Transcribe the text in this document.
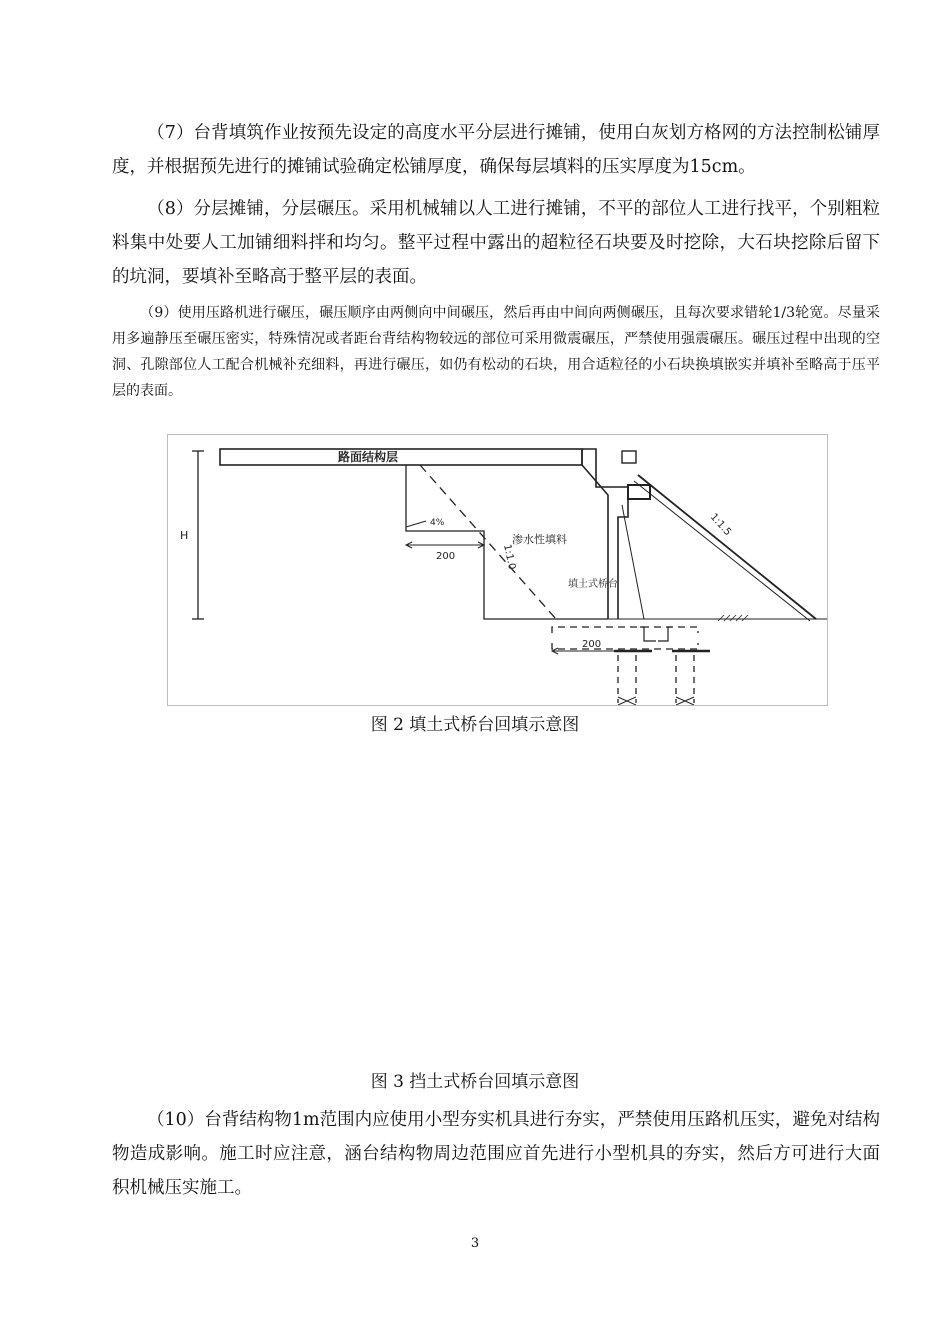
（7）台背填筑作业按预先设定的高度水平分层进行摊铺，使用白灰划方格网的方法控制松铺厚度，并根据预先进行的摊铺试验确定松铺厚度，确保每层填料的压实厚度为15cm。

（8）分层摊铺，分层碾压。采用机械辅以人工进行摊铺，不平的部位人工进行找平，个别粗粒料集中处要人工加铺细料拌和均匀。整平过程中露出的超粒径石块要及时挖除，大石块挖除后留下的坑洞，要填补至略高于整平层的表面。

（9）使用压路机进行碾压，碾压顺序由两侧向中间碾压，然后再由中间向两侧碾压，且每次要求错轮1/3轮宽。尽量采用多遍静压至碾压密实，特殊情况或者距台背结构物较远的部位可采用微震碾压，严禁使用强震碾压。碾压过程中出现的空洞、孔隙部位人工配合机械补充细料，再进行碾压，如仍有松动的石块，用合适粒径的小石块换填嵌实并填补至略高于压平层的表面。

路面结构层
H
4%
200	1:1.0
渗水性填料
1:1.5
填土式桥台
200
图 2 填土式桥台回填示意图
图 3 挡土式桥台回填示意图

（10）台背结构物1m范围内应使用小型夯实机具进行夯实，严禁使用压路机压实，避免对结构物造成影响。施工时应注意，涵台结构物周边范围应首先进行小型机具的夯实，然后方可进行大面积机械压实施工。

3
